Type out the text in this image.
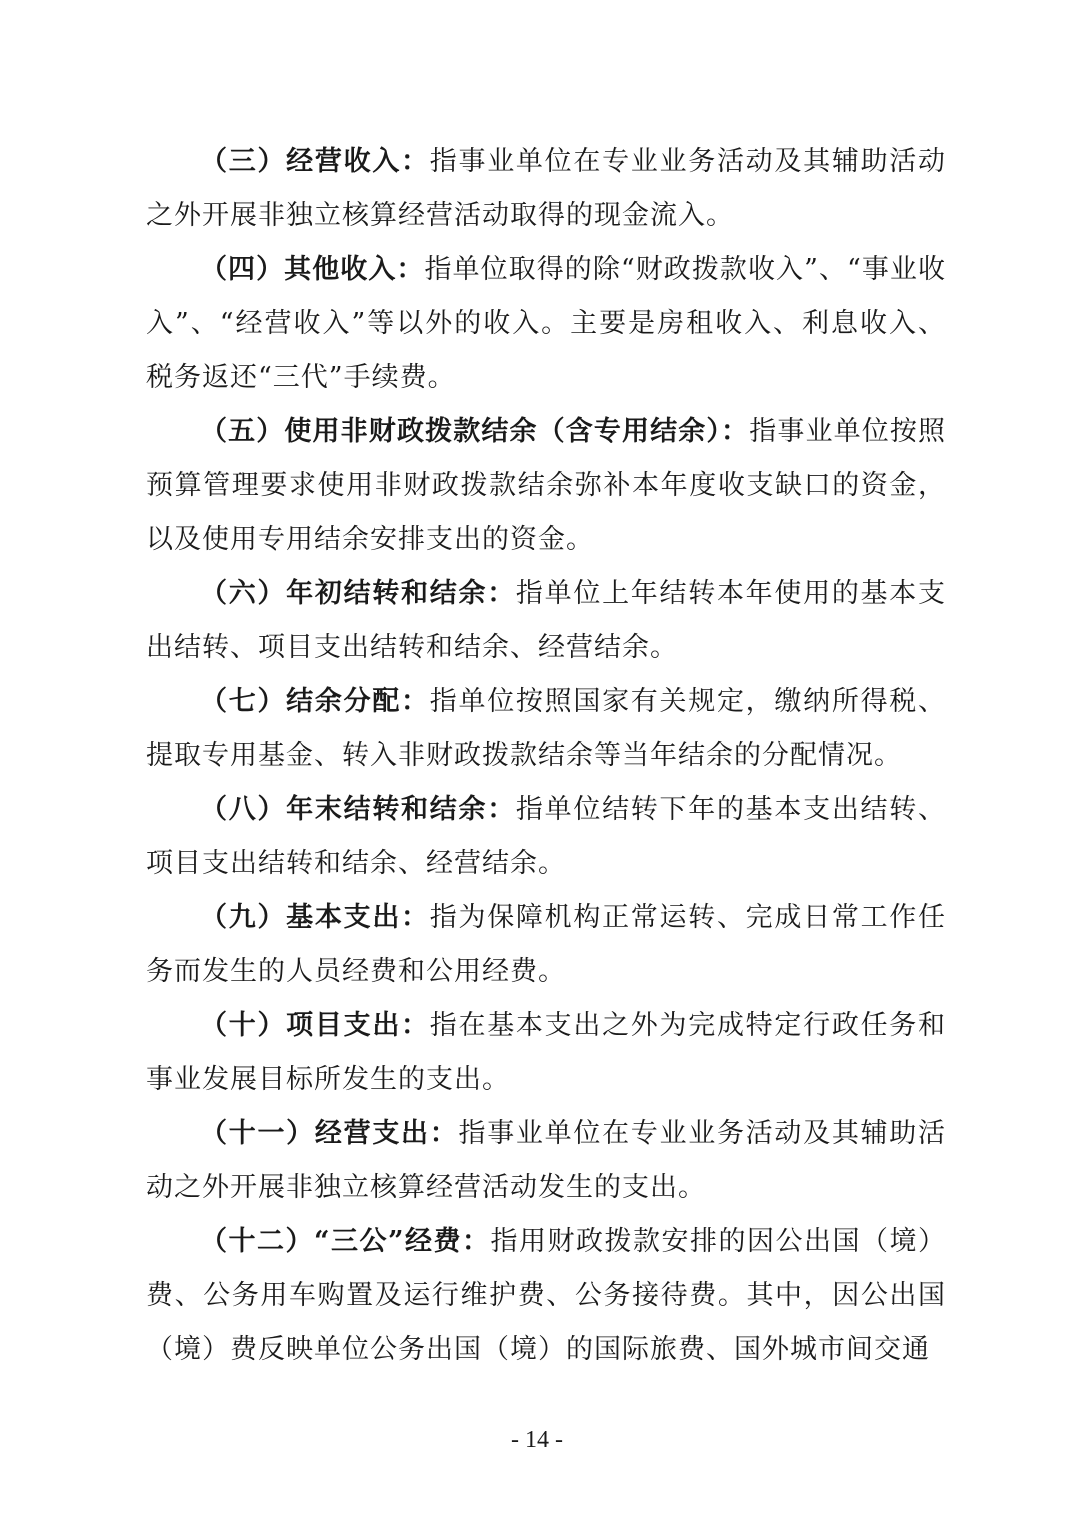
（三）经营收入：指事业单位在专业业务活动及其辅助活动之外开展非独立核算经营活动取得的现金流入。

（四）其他收入：指单位取得的除“财政拨款收入”、“事业收入”、“经营收入”等以外的收入。主要是房租收入、利息收入、税务返还“三代”手续费。

（五）使用非财政拨款结余（含专用结余）：指事业单位按照预算管理要求使用非财政拨款结余弥补本年度收支缺口的资金，以及使用专用结余安排支出的资金。

（六）年初结转和结余：指单位上年结转本年使用的基本支出结转、项目支出结转和结余、经营结余。

（七）结余分配：指单位按照国家有关规定，缴纳所得税、提取专用基金、转入非财政拨款结余等当年结余的分配情况。

（八）年末结转和结余：指单位结转下年的基本支出结转、项目支出结转和结余、经营结余。

（九）基本支出：指为保障机构正常运转、完成日常工作任务而发生的人员经费和公用经费。

（十）项目支出：指在基本支出之外为完成特定行政任务和事业发展目标所发生的支出。

（十一）经营支出：指事业单位在专业业务活动及其辅助活动之外开展非独立核算经营活动发生的支出。

（十二）“三公”经费：指用财政拨款安排的因公出国（境）费、公务用车购置及运行维护费、公务接待费。其中，因公出国（境）费反映单位公务出国（境）的国际旅费、国外城市间交通

- 14 -
